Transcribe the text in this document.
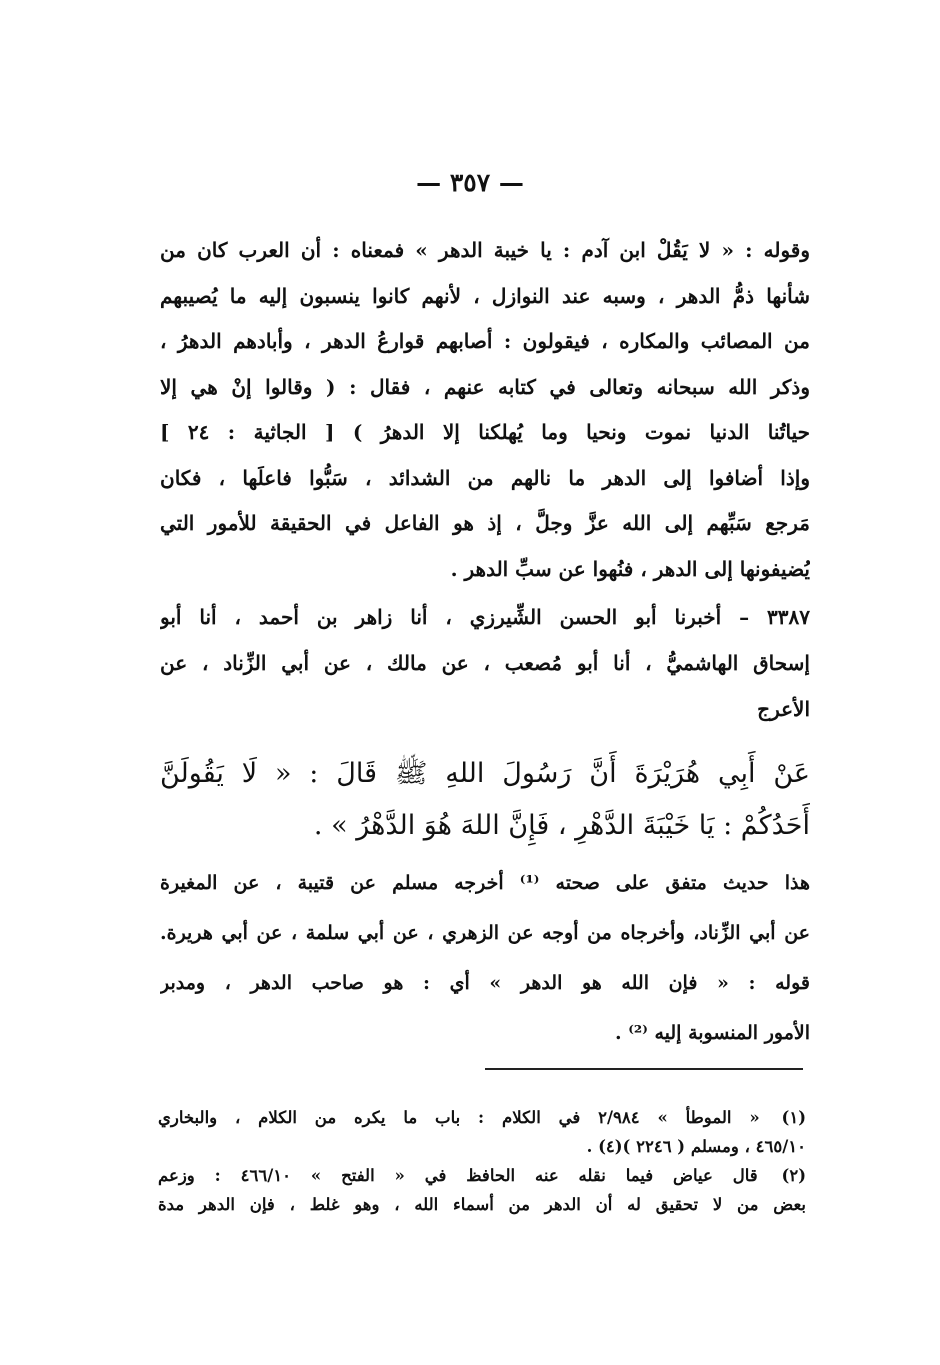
— ٣٥٧ —
وقوله : « لا يَقُلْ ابن آدم : يا خيبة الدهر » فمعناه : أن العرب كان من
شأنها ذمُّ الدهر ، وسبه عند النوازل ، لأنهم كانوا ينسبون إليه ما يُصيبهم
من المصائب والمكاره ، فيقولون : أصابهم قوارعُ الدهر ، وأبادهم الدهرُ ،
وذكر الله سبحانه وتعالى في كتابه عنهم ، فقال : ( وقالوا إنْ هي إلا
حياتُنا الدنيا نموت ونحيا وما يُهلكنا إلا الدهرُ ) [ الجاثية : ٢٤ ]
وإذا أضافوا إلى الدهر ما نالهم من الشدائد ، سَبُّوا فاعلَها ، فكان
مَرجع سَبِّهم إلى الله عزَّ وجلَّ ، إذ هو الفاعل في الحقيقة للأمور التي
يُضيفونها إلى الدهر ، فنُهوا عن سبِّ الدهر .
٣٣٨٧ – أخبرنا أبو الحسن الشِّيرزي ، أنا زاهر بن أحمد ، أنا أبو
إسحاق الهاشميُّ ، أنا أبو مُصعب ، عن مالك ، عن أبي الزِّناد ، عن
الأعرج
عَنْ أَبِي هُرَيْرَةَ أَنَّ رَسُولَ اللهِ ﷺ قَالَ : « لَا يَقُولَنَّ
أَحَدُكُمْ : يَا خَيْبَةَ الدَّهْرِ ، فَإِنَّ اللهَ هُوَ الدَّهْرُ » .
هذا حديث متفق على صحته ⁽¹⁾ أخرجه مسلم عن قتيبة ، عن المغيرة
عن أبي الزِّناد، وأخرجاه من أوجه عن الزهري ، عن أبي سلمة ، عن أبي هريرة.
قوله : « فإن الله هو الدهر » أي : هو صاحب الدهر ، ومدبر
الأمور المنسوبة إليه ⁽²⁾ .
(١) « الموطأ » ٢/٩٨٤ في الكلام : باب ما يكره من الكلام ، والبخاري
٤٦٥/١٠ ، ومسلم ( ٢٢٤٦ )(٤) .
(٢) قال عياض فيما نقله عنه الحافظ في « الفتح » ٤٦٦/١٠ : وزعم
بعض من لا تحقيق له أن الدهر من أسماء الله ، وهو غلط ، فإن الدهر مدة
